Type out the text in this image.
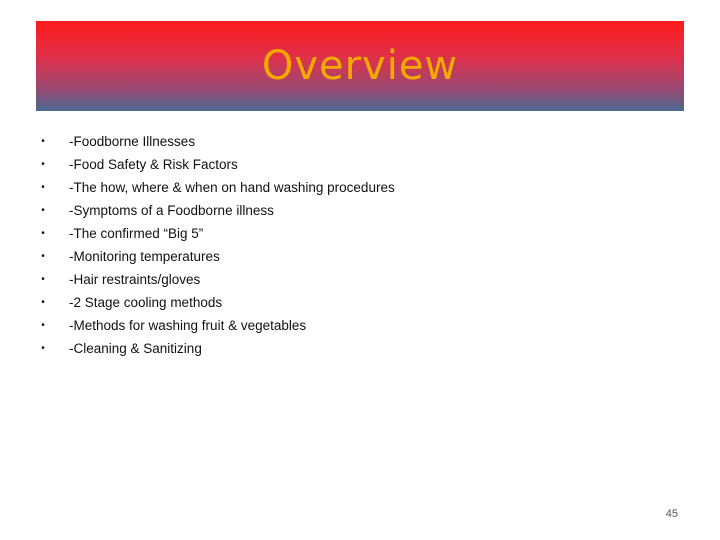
Overview
• -Foodborne Illnesses
• -Food Safety & Risk Factors
• -The how, where & when on hand washing procedures
• -Symptoms of a Foodborne illness
• -The confirmed “Big 5”
• -Monitoring temperatures
• -Hair restraints/gloves
• -2 Stage cooling methods
• -Methods for washing fruit & vegetables
• -Cleaning & Sanitizing
45
